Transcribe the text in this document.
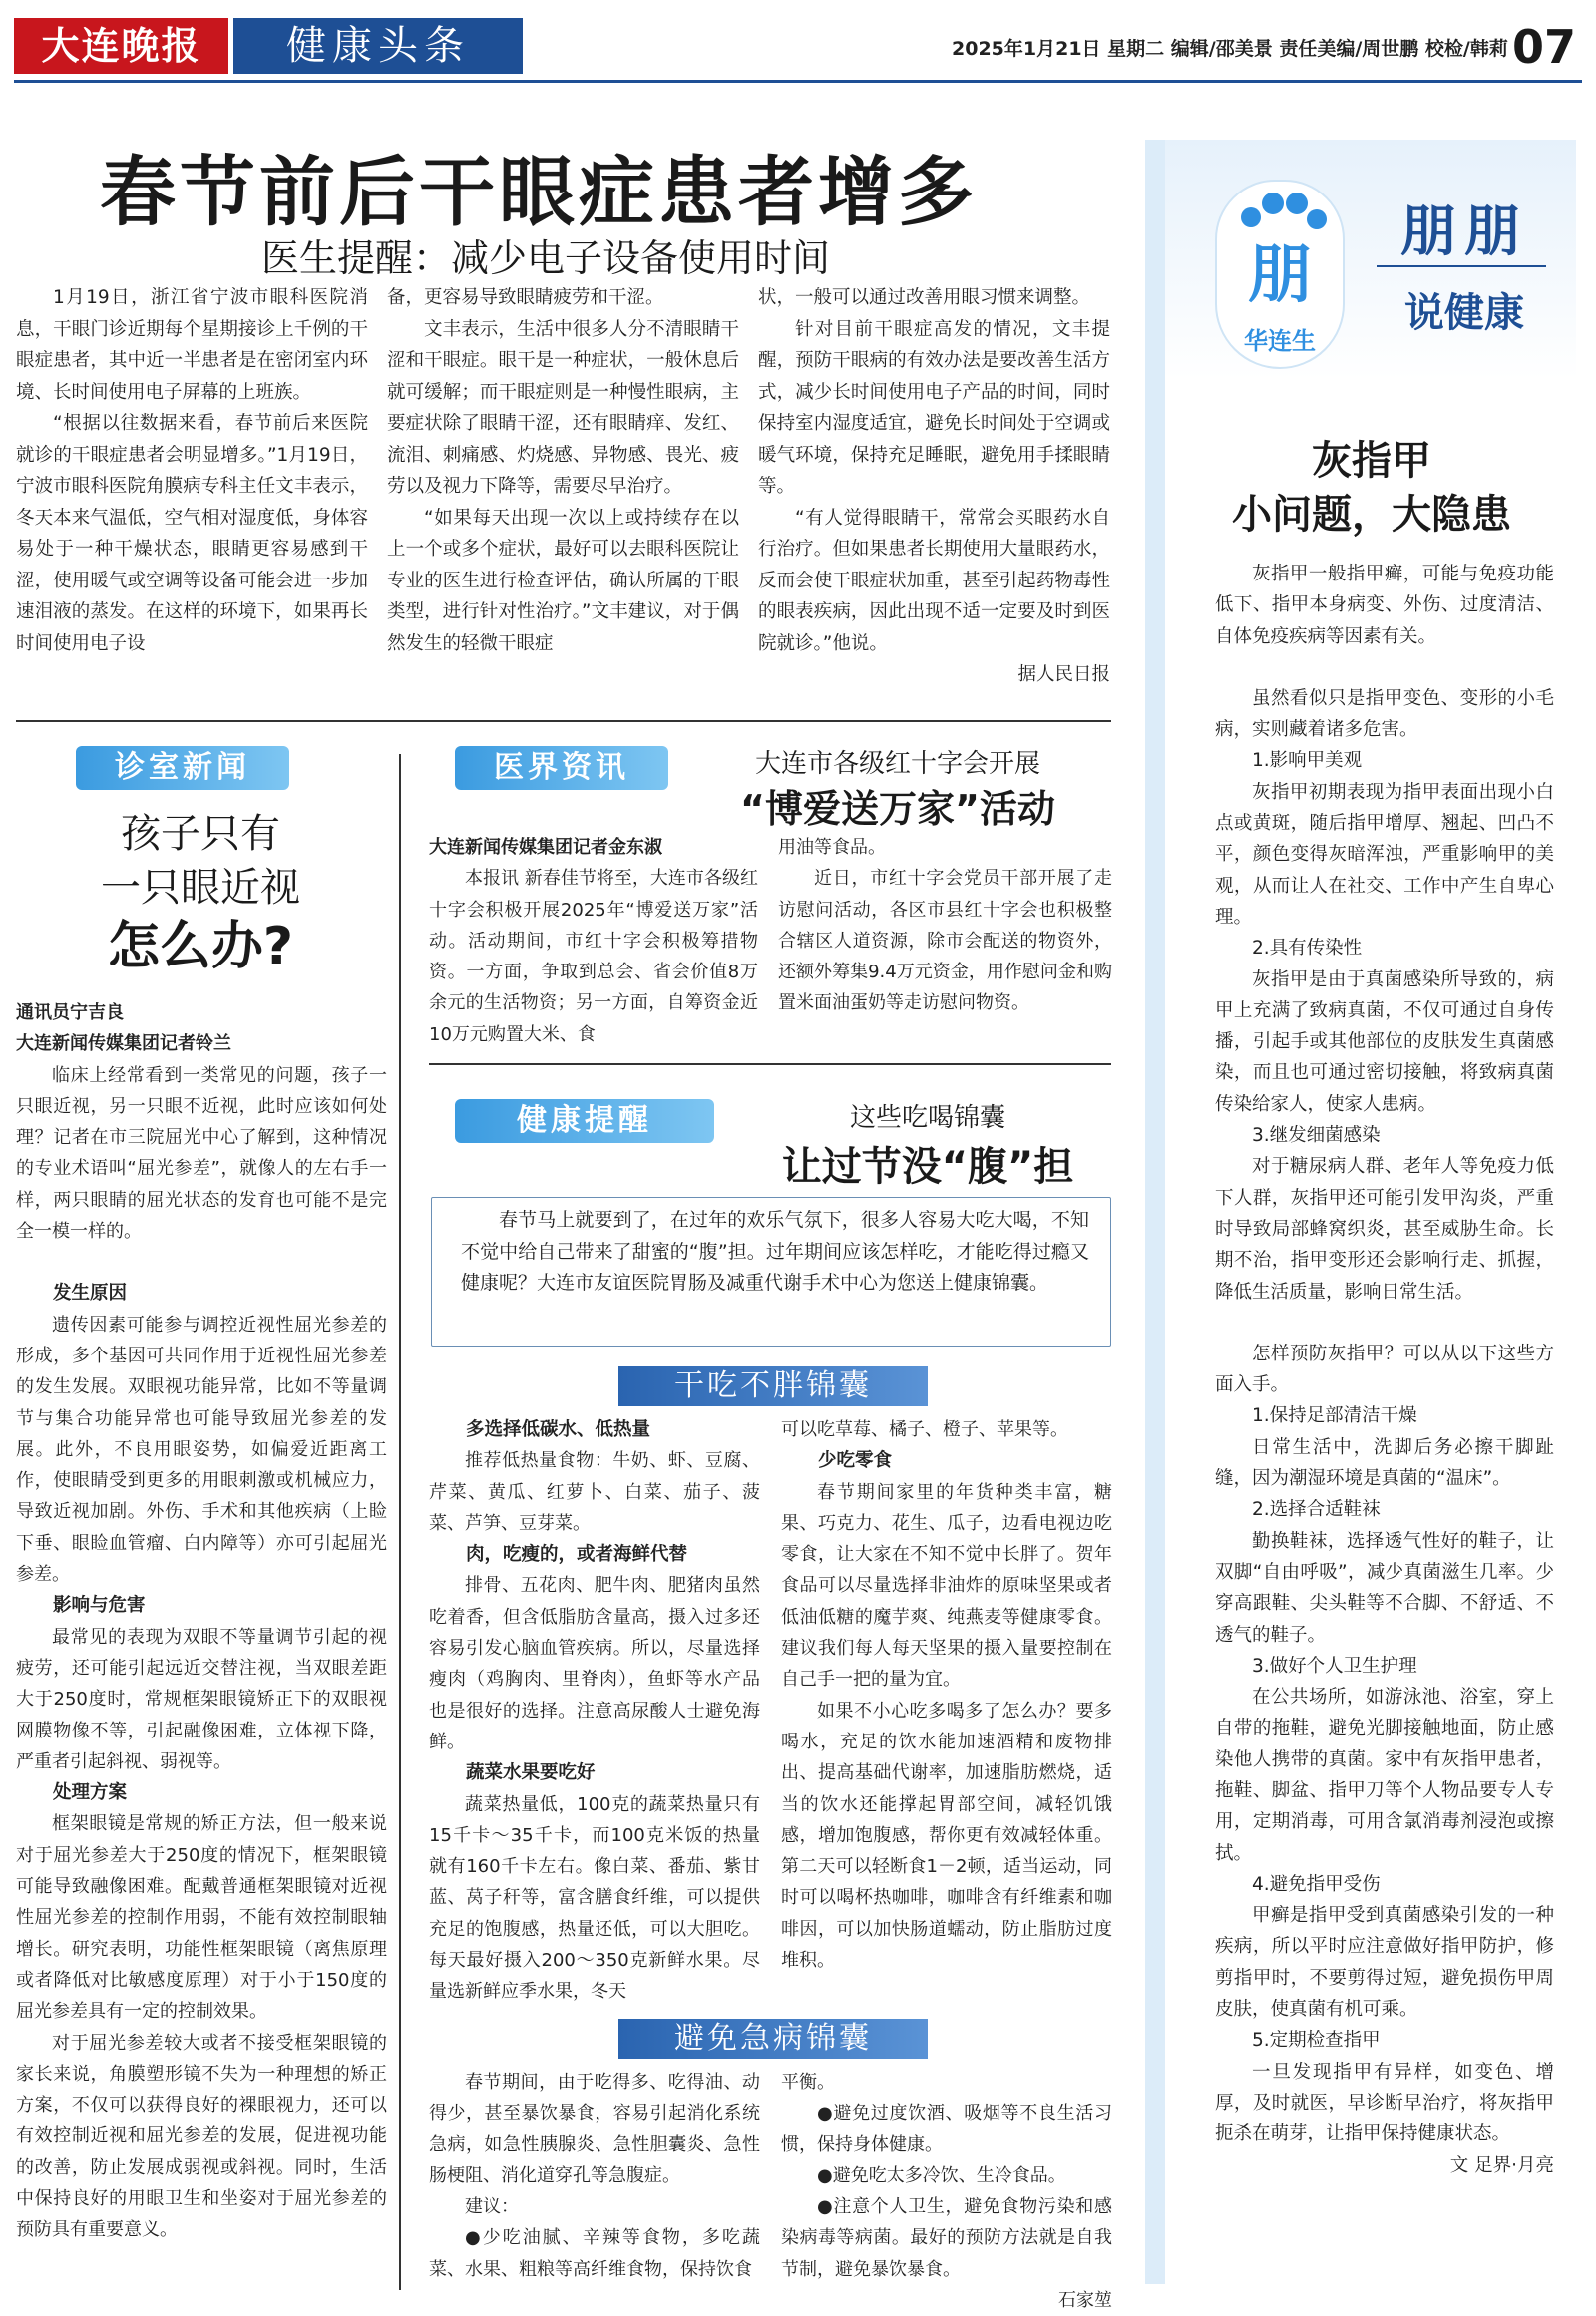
大连晚报	健康头条	2025年1月21日 星期二 编辑/邵美景 责任美编/周世鹏 校检/韩莉 07
春节前后干眼症患者增多
医生提醒：减少电子设备使用时间

1月19日，浙江省宁波市眼科医院消息，干眼门诊近期每个星期接诊上千例的干眼症患者，其中近一半患者是在密闭室内环境、长时间使用电子屏幕的上班族。

“根据以往数据来看，春节前后来医院就诊的干眼症患者会明显增多。”1月19日，宁波市眼科医院角膜病专科主任文丰表示，冬天本来气温低，空气相对湿度低，身体容易处于一种干燥状态，眼睛更容易感到干涩，使用暖气或空调等设备可能会进一步加速泪液的蒸发。在这样的环境下，如果再长时间使用电子设

备，更容易导致眼睛疲劳和干涩。

文丰表示，生活中很多人分不清眼睛干涩和干眼症。眼干是一种症状，一般休息后就可缓解；而干眼症则是一种慢性眼病，主要症状除了眼睛干涩，还有眼睛痒、发红、流泪、刺痛感、灼烧感、异物感、畏光、疲劳以及视力下降等，需要尽早治疗。

“如果每天出现一次以上或持续存在以上一个或多个症状，最好可以去眼科医院让专业的医生进行检查评估，确认所属的干眼类型，进行针对性治疗。”文丰建议，对于偶然发生的轻微干眼症

状，一般可以通过改善用眼习惯来调整。

针对目前干眼症高发的情况，文丰提醒，预防干眼病的有效办法是要改善生活方式，减少长时间使用电子产品的时间，同时保持室内湿度适宜，避免长时间处于空调或暖气环境，保持充足睡眠，避免用手揉眼睛等。

“有人觉得眼睛干，常常会买眼药水自行治疗。但如果患者长期使用大量眼药水，反而会使干眼症状加重，甚至引起药物毒性的眼表疾病，因此出现不适一定要及时到医院就诊。”他说。

据人民日报

诊室新闻
孩子只有
一只眼近视
怎么办?
通讯员宁吉良
大连新闻传媒集团记者铃兰

临床上经常看到一类常见的问题，孩子一只眼近视，另一只眼不近视，此时应该如何处理？记者在市三院屈光中心了解到，这种情况的专业术语叫“屈光参差”，就像人的左右手一样，两只眼睛的屈光状态的发育也可能不是完全一模一样的。

发生原因

遗传因素可能参与调控近视性屈光参差的形成，多个基因可共同作用于近视性屈光参差的发生发展。双眼视功能异常，比如不等量调节与集合功能异常也可能导致屈光参差的发展。此外，不良用眼姿势，如偏爱近距离工作，使眼睛受到更多的用眼刺激或机械应力，导致近视加剧。外伤、手术和其他疾病（上睑下垂、眼睑血管瘤、白内障等）亦可引起屈光参差。

影响与危害

最常见的表现为双眼不等量调节引起的视疲劳，还可能引起远近交替注视，当双眼差距大于250度时，常规框架眼镜矫正下的双眼视网膜物像不等，引起融像困难，立体视下降，严重者引起斜视、弱视等。

处理方案

框架眼镜是常规的矫正方法，但一般来说对于屈光参差大于250度的情况下，框架眼镜可能导致融像困难。配戴普通框架眼镜对近视性屈光参差的控制作用弱，不能有效控制眼轴增长。研究表明，功能性框架眼镜（离焦原理或者降低对比敏感度原理）对于小于150度的屈光参差具有一定的控制效果。

对于屈光参差较大或者不接受框架眼镜的家长来说，角膜塑形镜不失为一种理想的矫正方案，不仅可以获得良好的裸眼视力，还可以有效控制近视和屈光参差的发展，促进视功能的改善，防止发展成弱视或斜视。同时，生活中保持良好的用眼卫生和坐姿对于屈光参差的预防具有重要意义。

医界资讯	大连市各级红十字会开展
“博爱送万家”活动
大连新闻传媒集团记者金东淑

本报讯 新春佳节将至，大连市各级红十字会积极开展2025年“博爱送万家”活动。活动期间，市红十字会积极筹措物资。一方面，争取到总会、省会价值8万余元的生活物资；另一方面，自筹资金近10万元购置大米、食

用油等食品。

近日，市红十字会党员干部开展了走访慰问活动，各区市县红十字会也积极整合辖区人道资源，除市会配送的物资外，还额外筹集9.4万元资金，用作慰问金和购置米面油蛋奶等走访慰问物资。

健康提醒	这些吃喝锦囊
让过节没“腹”担

春节马上就要到了，在过年的欢乐气氛下，很多人容易大吃大喝，不知不觉中给自己带来了甜蜜的“腹”担。过年期间应该怎样吃，才能吃得过瘾又健康呢？大连市友谊医院胃肠及减重代谢手术中心为您送上健康锦囊。

干吃不胖锦囊
多选择低碳水、低热量

推荐低热量食物：牛奶、虾、豆腐、芹菜、黄瓜、红萝卜、白菜、茄子、菠菜、芦笋、豆芽菜。

肉，吃瘦的，或者海鲜代替

排骨、五花肉、肥牛肉、肥猪肉虽然吃着香，但含低脂肪含量高，摄入过多还容易引发心脑血管疾病。所以，尽量选择瘦肉（鸡胸肉、里脊肉），鱼虾等水产品也是很好的选择。注意高尿酸人士避免海鲜。

蔬菜水果要吃好

蔬菜热量低，100克的蔬菜热量只有15千卡～35千卡，而100克米饭的热量就有160千卡左右。像白菜、番茄、紫甘蓝、莴子秆等，富含膳食纤维，可以提供充足的饱腹感，热量还低，可以大胆吃。每天最好摄入200～350克新鲜水果。尽量选新鲜应季水果，冬天

可以吃草莓、橘子、橙子、苹果等。

少吃零食

春节期间家里的年货种类丰富，糖果、巧克力、花生、瓜子，边看电视边吃零食，让大家在不知不觉中长胖了。贺年食品可以尽量选择非油炸的原味坚果或者低油低糖的魔芋爽、纯燕麦等健康零食。建议我们每人每天坚果的摄入量要控制在自己手一把的量为宜。

如果不小心吃多喝多了怎么办？要多喝水，充足的饮水能加速酒精和废物排出、提高基础代谢率，加速脂肪燃烧，适当的饮水还能撑起胃部空间，减轻饥饿感，增加饱腹感，帮你更有效减轻体重。第二天可以轻断食1－2顿，适当运动，同时可以喝杯热咖啡，咖啡含有纤维素和咖啡因，可以加快肠道蠕动，防止脂肪过度堆积。

避免急病锦囊

春节期间，由于吃得多、吃得油、动得少，甚至暴饮暴食，容易引起消化系统急病，如急性胰腺炎、急性胆囊炎、急性肠梗阻、消化道穿孔等急腹症。

建议：

●少吃油腻、辛辣等食物，多吃蔬菜、水果、粗粮等高纤维食物，保持饮食

平衡。

●避免过度饮酒、吸烟等不良生活习惯，保持身体健康。

●避免吃太多冷饮、生冷食品。

●注意个人卫生，避免食物污染和感染病毒等病菌。最好的预防方法就是自我节制，避免暴饮暴食。

石家堃

朋
华连生
朋朋
说健康
灰指甲
小问题，大隐患

灰指甲一般指甲癣，可能与免疫功能低下、指甲本身病变、外伤、过度清洁、自体免疫疾病等因素有关。

虽然看似只是指甲变色、变形的小毛病，实则藏着诸多危害。

1.影响甲美观

灰指甲初期表现为指甲表面出现小白点或黄斑，随后指甲增厚、翘起、凹凸不平，颜色变得灰暗浑浊，严重影响甲的美观，从而让人在社交、工作中产生自卑心理。

2.具有传染性

灰指甲是由于真菌感染所导致的，病甲上充满了致病真菌，不仅可通过自身传播，引起手或其他部位的皮肤发生真菌感染，而且也可通过密切接触，将致病真菌传染给家人，使家人患病。

3.继发细菌感染

对于糖尿病人群、老年人等免疫力低下人群，灰指甲还可能引发甲沟炎，严重时导致局部蜂窝织炎，甚至威胁生命。长期不治，指甲变形还会影响行走、抓握，降低生活质量，影响日常生活。

怎样预防灰指甲？可以从以下这些方面入手。

1.保持足部清洁干燥

日常生活中，洗脚后务必擦干脚趾缝，因为潮湿环境是真菌的“温床”。

2.选择合适鞋袜

勤换鞋袜，选择透气性好的鞋子，让双脚“自由呼吸”，减少真菌滋生几率。少穿高跟鞋、尖头鞋等不合脚、不舒适、不透气的鞋子。

3.做好个人卫生护理

在公共场所，如游泳池、浴室，穿上自带的拖鞋，避免光脚接触地面，防止感染他人携带的真菌。家中有灰指甲患者，拖鞋、脚盆、指甲刀等个人物品要专人专用，定期消毒，可用含氯消毒剂浸泡或擦拭。

4.避免指甲受伤

甲癣是指甲受到真菌感染引发的一种疾病，所以平时应注意做好指甲防护，修剪指甲时，不要剪得过短，避免损伤甲周皮肤，使真菌有机可乘。

5.定期检查指甲

一旦发现指甲有异样，如变色、增厚，及时就医，早诊断早治疗，将灰指甲扼杀在萌芽，让指甲保持健康状态。

文 足界·月亮
